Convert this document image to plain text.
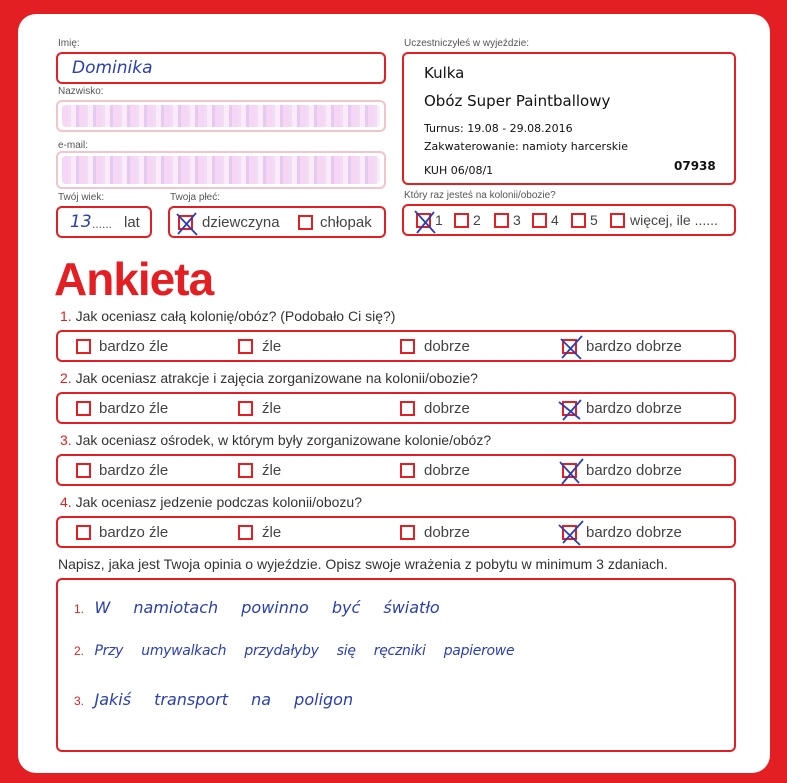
Imię:
Dominika
Nazwisko:
e-mail:
Twój wiek:
13 ...... lat
Twoja płeć:
dziewczyna	chłopak
Uczestniczyłeś w wyjeździe:
Kulka
Obóz Super Paintballowy
Turnus: 19.08 - 29.08.2016
Zakwaterowanie: namioty harcerskie
KUH 06/08/1	07938
Który raz jesteś na kolonii/obozie?
1 2 3 4 5 więcej, ile ......
Ankieta
1. Jak oceniasz całą kolonię/obóz? (Podobało Ci się?)
bardzo źle	źle	dobrze	bardzo dobrze
2. Jak oceniasz atrakcje i zajęcia zorganizowane na kolonii/obozie?
bardzo źle	źle	dobrze	bardzo dobrze
3. Jak oceniasz ośrodek, w którym były zorganizowane kolonie/obóz?
bardzo źle	źle	dobrze	bardzo dobrze
4. Jak oceniasz jedzenie podczas kolonii/obozu?
bardzo źle	źle	dobrze	bardzo dobrze
Napisz, jaka jest Twoja opinia o wyjeździe. Opisz swoje wrażenia z pobytu w minimum 3 zdaniach.
1. W namiotach powinno być światło
2. Przy umywalkach przydałyby się ręczniki papierowe
3. Jakiś transport na poligon
